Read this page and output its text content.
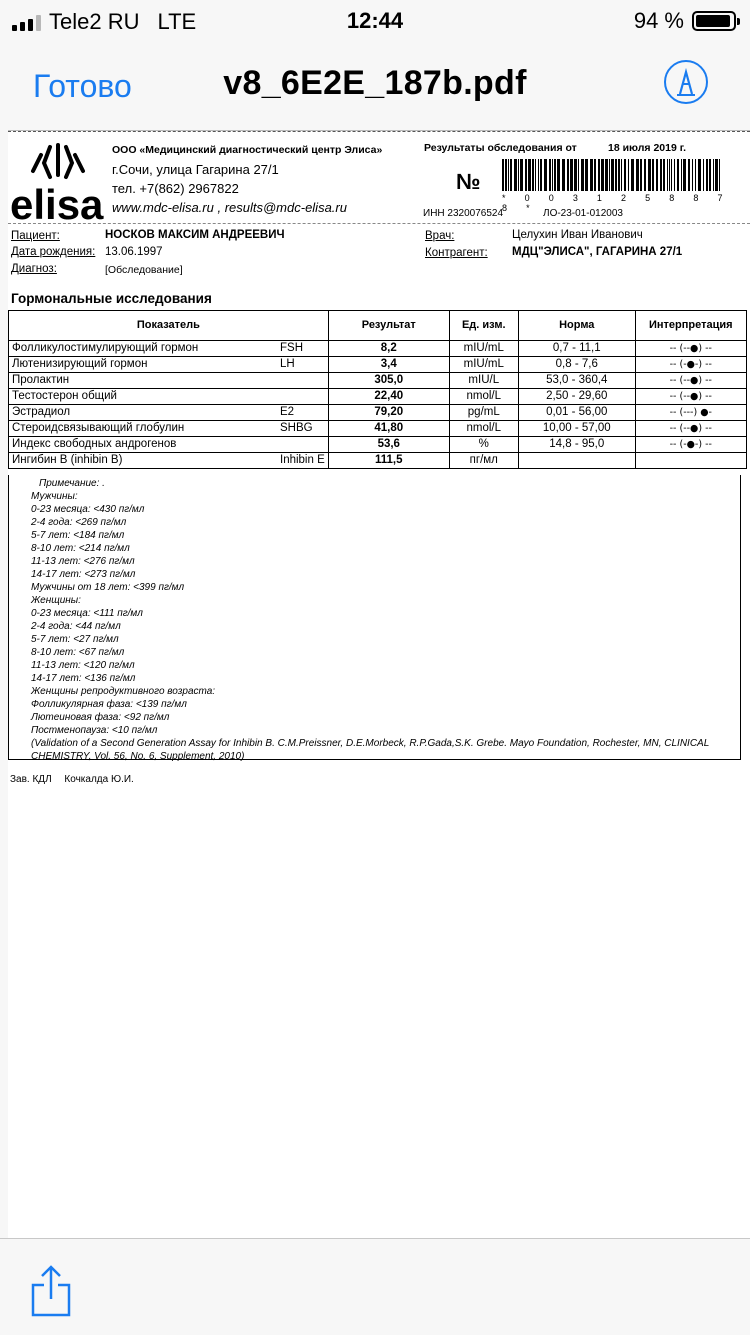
Tele2 RU LTE	12:44	94 %
Готово	v8_6E2E_187b.pdf
elisa
ООО «Медицинский диагностический центр Элиса»
г.Сочи, улица Гагарина 27/1
тел. +7(862) 2967822
www.mdc-elisa.ru , results@mdc-elisa.ru
Результаты обследования от	18 июля 2019 г.
№
* 0 0 3 1 2 5 8 8 7 8 *
ИНН 2320076524	ЛО-23-01-012003
Пациент:	НОСКОВ МАКСИМ АНДРЕЕВИЧ
Дата рождения: 13.06.1997
Диагноз:	[Обследование]
Врач:	Целухин Иван Иванович
Контрагент: МДЦ"ЭЛИСА", ГАГАРИНА 27/1
Гормональные исследования
Показатель		Результат	Ед. изм.	Норма	Интерпретация
Фолликулостимулирующий гормон	FSH	8,2	mIU/mL	0,7 - 11,1	-- (--●) --
Лютенизирующий гормон	LH	3,4	mIU/mL	0,8 - 7,6	-- (-●-) --
Пролактин		305,0	mIU/L	53,0 - 360,4	-- (--●) --
Тестостерон общий		22,40	nmol/L	2,50 - 29,60	-- (--●) --
Эстрадиол	E2	79,20	pg/mL	0,01 - 56,00	-- (---) ●-
Стероидсвязывающий глобулин	SHBG	41,80	nmol/L	10,00 - 57,00	-- (--●) --
Индекс свободных андрогенов		53,6	%	14,8 - 95,0	-- (-●-) --
Ингибин В (inhibin B)	Inhibin E	111,5	пг/мл		
Примечание: .
Мужчины:
0-23 месяца: <430 пг/мл
2-4 года: <269 пг/мл
5-7 лет: <184 пг/мл
8-10 лет: <214 пг/мл
11-13 лет: <276 пг/мл
14-17 лет: <273 пг/мл
Мужчины от 18 лет: <399 пг/мл
Женщины:
0-23 месяца: <111 пг/мл
2-4 года: <44 пг/мл
5-7 лет: <27 пг/мл
8-10 лет: <67 пг/мл
11-13 лет: <120 пг/мл
14-17 лет: <136 пг/мл
Женщины репродуктивного возраста:
Фолликулярная фаза: <139 пг/мл
Лютеиновая фаза: <92 пг/мл
Постменопауза: <10 пг/мл
(Validation of a Second Generation Assay for Inhibin B. C.M.Preissner, D.E.Morbeck, R.P.Gada,S.K. Grebe. Mayo Foundation, Rochester, MN, CLINICAL CHEMISTRY, Vol. 56, No. 6, Supplement, 2010)
Зав. КДЛ Кочкалда Ю.И.
